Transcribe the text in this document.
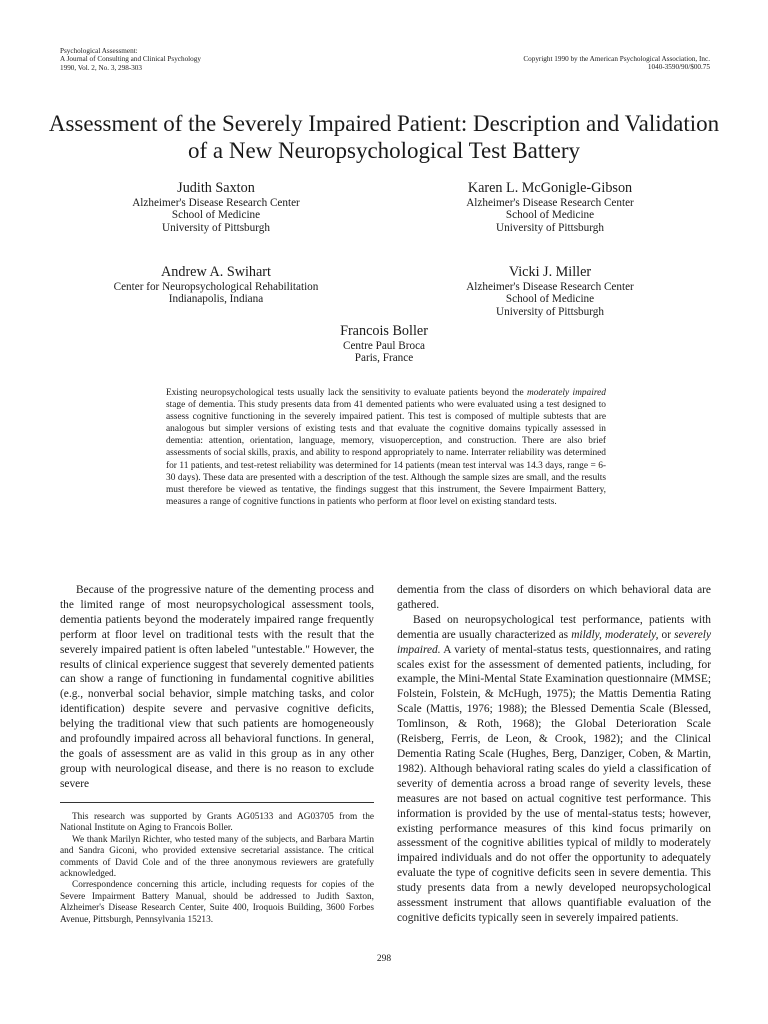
Psychological Assessment:
A Journal of Consulting and Clinical Psychology
1990, Vol. 2, No. 3, 298-303
Copyright 1990 by the American Psychological Association, Inc.
1040-3590/90/$00.75
Assessment of the Severely Impaired Patient: Description and Validation
of a New Neuropsychological Test Battery
Judith Saxton
Alzheimer's Disease Research Center
School of Medicine
University of Pittsburgh
Karen L. McGonigle-Gibson
Alzheimer's Disease Research Center
School of Medicine
University of Pittsburgh
Andrew A. Swihart
Center for Neuropsychological Rehabilitation
Indianapolis, Indiana
Vicki J. Miller
Alzheimer's Disease Research Center
School of Medicine
University of Pittsburgh
Francois Boller
Centre Paul Broca
Paris, France
Existing neuropsychological tests usually lack the sensitivity to evaluate patients beyond the moderately impaired stage of dementia. This study presents data from 41 demented patients who were evaluated using a test designed to assess cognitive functioning in the severely impaired patient. This test is composed of multiple subtests that are analogous but simpler versions of existing tests and that evaluate the cognitive domains typically assessed in dementia: attention, orientation, language, memory, visuoperception, and construction. There are also brief assessments of social skills, praxis, and ability to respond appropriately to name. Interrater reliability was determined for 11 patients, and test-retest reliability was determined for 14 patients (mean test interval was 14.3 days, range = 6-30 days). These data are presented with a description of the test. Although the sample sizes are small, and the results must therefore be viewed as tentative, the findings suggest that this instrument, the Severe Impairment Battery, measures a range of cognitive functions in patients who perform at floor level on existing standard tests.

Because of the progressive nature of the dementing process and the limited range of most neuropsychological assessment tools, dementia patients beyond the moderately impaired range frequently perform at floor level on traditional tests with the result that the severely impaired patient is often labeled "untestable." However, the results of clinical experience suggest that severely demented patients can show a range of functioning in fundamental cognitive abilities (e.g., nonverbal social behavior, simple matching tasks, and color identification) despite severe and pervasive cognitive deficits, belying the traditional view that such patients are homogeneously and profoundly impaired across all behavioral functions. In general, the goals of assessment are as valid in this group as in any other group with neurological disease, and there is no reason to exclude severe

This research was supported by Grants AG05133 and AG03705 from the National Institute on Aging to Francois Boller.

We thank Marilyn Richter, who tested many of the subjects, and Barbara Martin and Sandra Giconi, who provided extensive secretarial assistance. The critical comments of David Cole and of the three anonymous reviewers are gratefully acknowledged.

Correspondence concerning this article, including requests for copies of the Severe Impairment Battery Manual, should be addressed to Judith Saxton, Alzheimer's Disease Research Center, Suite 400, Iroquois Building, 3600 Forbes Avenue, Pittsburgh, Pennsylvania 15213.

dementia from the class of disorders on which behavioral data are gathered.

Based on neuropsychological test performance, patients with dementia are usually characterized as mildly, moderately, or severely impaired. A variety of mental-status tests, questionnaires, and rating scales exist for the assessment of demented patients, including, for example, the Mini-Mental State Examination questionnaire (MMSE; Folstein, Folstein, & McHugh, 1975); the Mattis Dementia Rating Scale (Mattis, 1976; 1988); the Blessed Dementia Scale (Blessed, Tomlinson, & Roth, 1968); the Global Deterioration Scale (Reisberg, Ferris, de Leon, & Crook, 1982); and the Clinical Dementia Rating Scale (Hughes, Berg, Danziger, Coben, & Martin, 1982). Although behavioral rating scales do yield a classification of severity of dementia across a broad range of severity levels, these measures are not based on actual cognitive test performance. This information is provided by the use of mental-status tests; however, existing performance measures of this kind focus primarily on assessment of the cognitive abilities typical of mildly to moderately impaired individuals and do not offer the opportunity to adequately evaluate the type of cognitive deficits seen in severe dementia. This study presents data from a newly developed neuropsychological assessment instrument that allows quantifiable evaluation of the cognitive deficits typically seen in severely impaired patients.

298
